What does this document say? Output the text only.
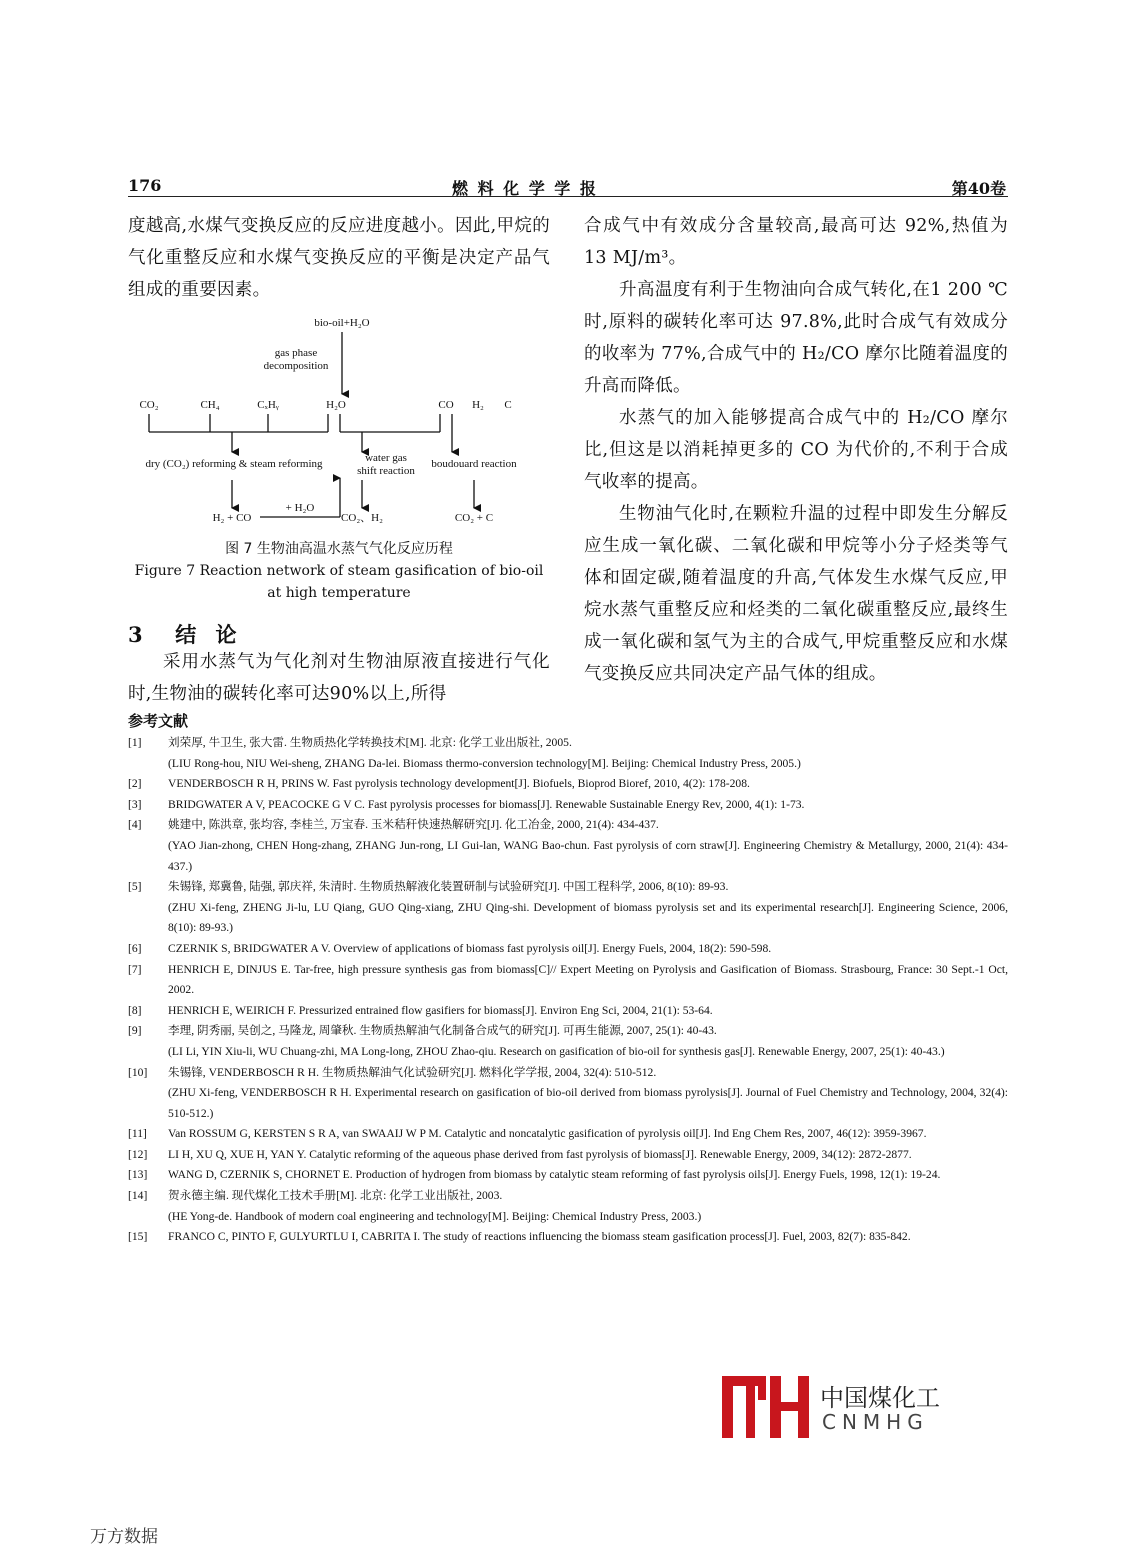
176	燃 料 化 学 学 报	第40卷

度越高,水煤气变换反应的反应进度越小。因此,甲烷的气化重整反应和水煤气变换反应的平衡是决定产品气组成的重要因素。

bio-oil+H₂O
gas phase
decomposition
CO₂	CH₄	CₓHᵧ	H₂O	CO H₂ C
dry (CO₂) reforming & steam reforming	water gas
shift reaction
boudouard reaction
H₂ + CO
+ H₂O
CO₂、H₂	CO₂ + C
图 7 生物油高温水蒸气气化反应历程
Figure 7 Reaction network of steam gasification of bio-oil
at high temperature
3 结 论

采用水蒸气为气化剂对生物油原液直接进行气化时,生物油的碳转化率可达90%以上,所得

合成气中有效成分含量较高,最高可达 92%,热值为 13 MJ/m³。

升高温度有利于生物油向合成气转化,在1 200 ℃时,原料的碳转化率可达 97.8%,此时合成气有效成分的收率为 77%,合成气中的 H₂/CO 摩尔比随着温度的升高而降低。

水蒸气的加入能够提高合成气中的 H₂/CO 摩尔比,但这是以消耗掉更多的 CO 为代价的,不利于合成气收率的提高。

生物油气化时,在颗粒升温的过程中即发生分解反应生成一氧化碳、二氧化碳和甲烷等小分子烃类等气体和固定碳,随着温度的升高,气体发生水煤气反应,甲烷水蒸气重整反应和烃类的二氧化碳重整反应,最终生成一氧化碳和氢气为主的合成气,甲烷重整反应和水煤气变换反应共同决定产品气体的组成。

参考文献
[1]	刘荣厚, 牛卫生, 张大雷. 生物质热化学转换技术[M]. 北京: 化学工业出版社, 2005.
(LIU Rong-hou, NIU Wei-sheng, ZHANG Da-lei. Biomass thermo-conversion technology[M]. Beijing: Chemical Industry Press, 2005.)
[2]	VENDERBOSCH R H, PRINS W. Fast pyrolysis technology development[J]. Biofuels, Bioprod Bioref, 2010, 4(2): 178-208.
[3]	BRIDGWATER A V, PEACOCKE G V C. Fast pyrolysis processes for biomass[J]. Renewable Sustainable Energy Rev, 2000, 4(1): 1-73.
[4]	姚建中, 陈洪章, 张均容, 李桂兰, 万宝春. 玉米秸秆快速热解研究[J]. 化工冶金, 2000, 21(4): 434-437.
(YAO Jian-zhong, CHEN Hong-zhang, ZHANG Jun-rong, LI Gui-lan, WANG Bao-chun. Fast pyrolysis of corn straw[J]. Engineering Chemistry & Metallurgy, 2000, 21(4): 434-437.)
[5]	朱锡锋, 郑冀鲁, 陆强, 郭庆祥, 朱清时. 生物质热解液化装置研制与试验研究[J]. 中国工程科学, 2006, 8(10): 89-93.
(ZHU Xi-feng, ZHENG Ji-lu, LU Qiang, GUO Qing-xiang, ZHU Qing-shi. Development of biomass pyrolysis set and its experimental research[J]. Engineering Science, 2006, 8(10): 89-93.)
[6]	CZERNIK S, BRIDGWATER A V. Overview of applications of biomass fast pyrolysis oil[J]. Energy Fuels, 2004, 18(2): 590-598.
[7]	HENRICH E, DINJUS E. Tar-free, high pressure synthesis gas from biomass[C]// Expert Meeting on Pyrolysis and Gasification of Biomass. Strasbourg, France: 30 Sept.-1 Oct, 2002.
[8]	HENRICH E, WEIRICH F. Pressurized entrained flow gasifiers for biomass[J]. Environ Eng Sci, 2004, 21(1): 53-64.
[9]	李理, 阴秀丽, 吴创之, 马隆龙, 周肇秋. 生物质热解油气化制备合成气的研究[J]. 可再生能源, 2007, 25(1): 40-43.
(LI Li, YIN Xiu-li, WU Chuang-zhi, MA Long-long, ZHOU Zhao-qiu. Research on gasification of bio-oil for synthesis gas[J]. Renewable Energy, 2007, 25(1): 40-43.)
[10]	朱锡锋, VENDERBOSCH R H. 生物质热解油气化试验研究[J]. 燃料化学学报, 2004, 32(4): 510-512.
(ZHU Xi-feng, VENDERBOSCH R H. Experimental research on gasification of bio-oil derived from biomass pyrolysis[J]. Journal of Fuel Chemistry and Technology, 2004, 32(4): 510-512.)
[11]	Van ROSSUM G, KERSTEN S R A, van SWAAIJ W P M. Catalytic and noncatalytic gasification of pyrolysis oil[J]. Ind Eng Chem Res, 2007, 46(12): 3959-3967.
[12]	LI H, XU Q, XUE H, YAN Y. Catalytic reforming of the aqueous phase derived from fast pyrolysis of biomass[J]. Renewable Energy, 2009, 34(12): 2872-2877.
[13]	WANG D, CZERNIK S, CHORNET E. Production of hydrogen from biomass by catalytic steam reforming of fast pyrolysis oils[J]. Energy Fuels, 1998, 12(1): 19-24.
[14]	贺永德主编. 现代煤化工技术手册[M]. 北京: 化学工业出版社, 2003.
(HE Yong-de. Handbook of modern coal engineering and technology[M]. Beijing: Chemical Industry Press, 2003.)
[15]	FRANCO C, PINTO F, GULYURTLU I, CABRITA I. The study of reactions influencing the biomass steam gasification process[J]. Fuel, 2003, 82(7): 835-842.
中国煤化工
CNMHG
万方数据
